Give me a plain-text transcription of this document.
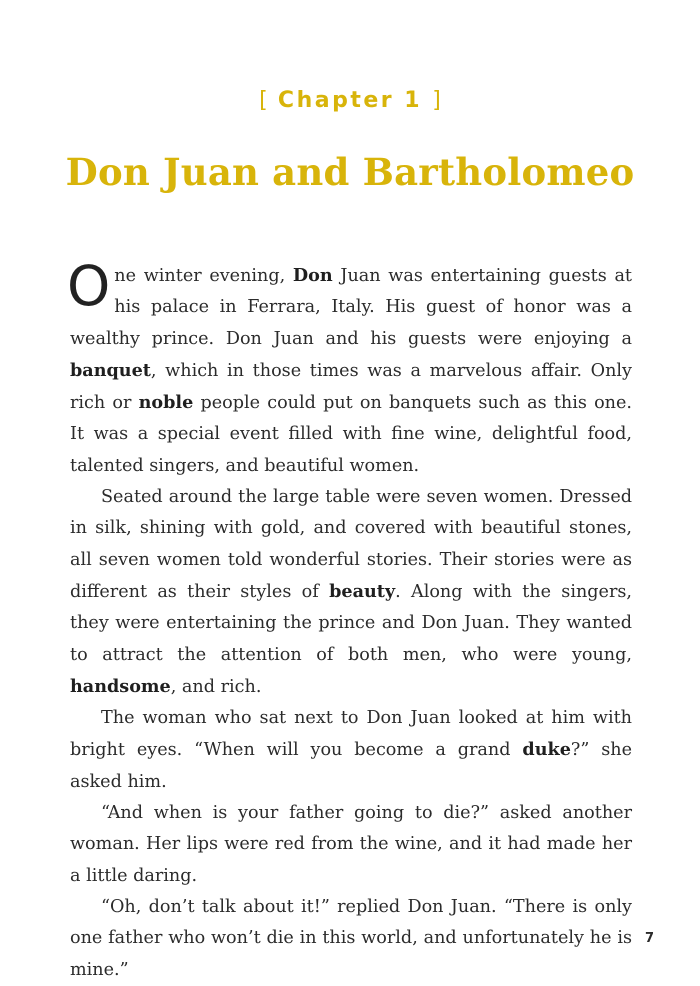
[ Chapter 1 ]
Don Juan and Bartholomeo

One winter evening, Don Juan was entertaining guests at his palace in Ferrara, Italy. His guest of honor was a wealthy prince. Don Juan and his guests were enjoying a banquet, which in those times was a marvelous affair. Only rich or noble people could put on banquets such as this one. It was a special event filled with fine wine, delightful food, talented singers, and beautiful women.

Seated around the large table were seven women. Dressed in silk, shining with gold, and covered with beautiful stones, all seven women told wonderful stories. Their stories were as different as their styles of beauty. Along with the singers, they were entertaining the prince and Don Juan. They wanted to attract the attention of both men, who were young, handsome, and rich.

The woman who sat next to Don Juan looked at him with bright eyes. “When will you become a grand duke?” she asked him.

“And when is your father going to die?” asked another woman. Her lips were red from the wine, and it had made her a little daring.

“Oh, don’t talk about it!” replied Don Juan. “There is only one father who won’t die in this world, and unfortunately he is mine.”

7
